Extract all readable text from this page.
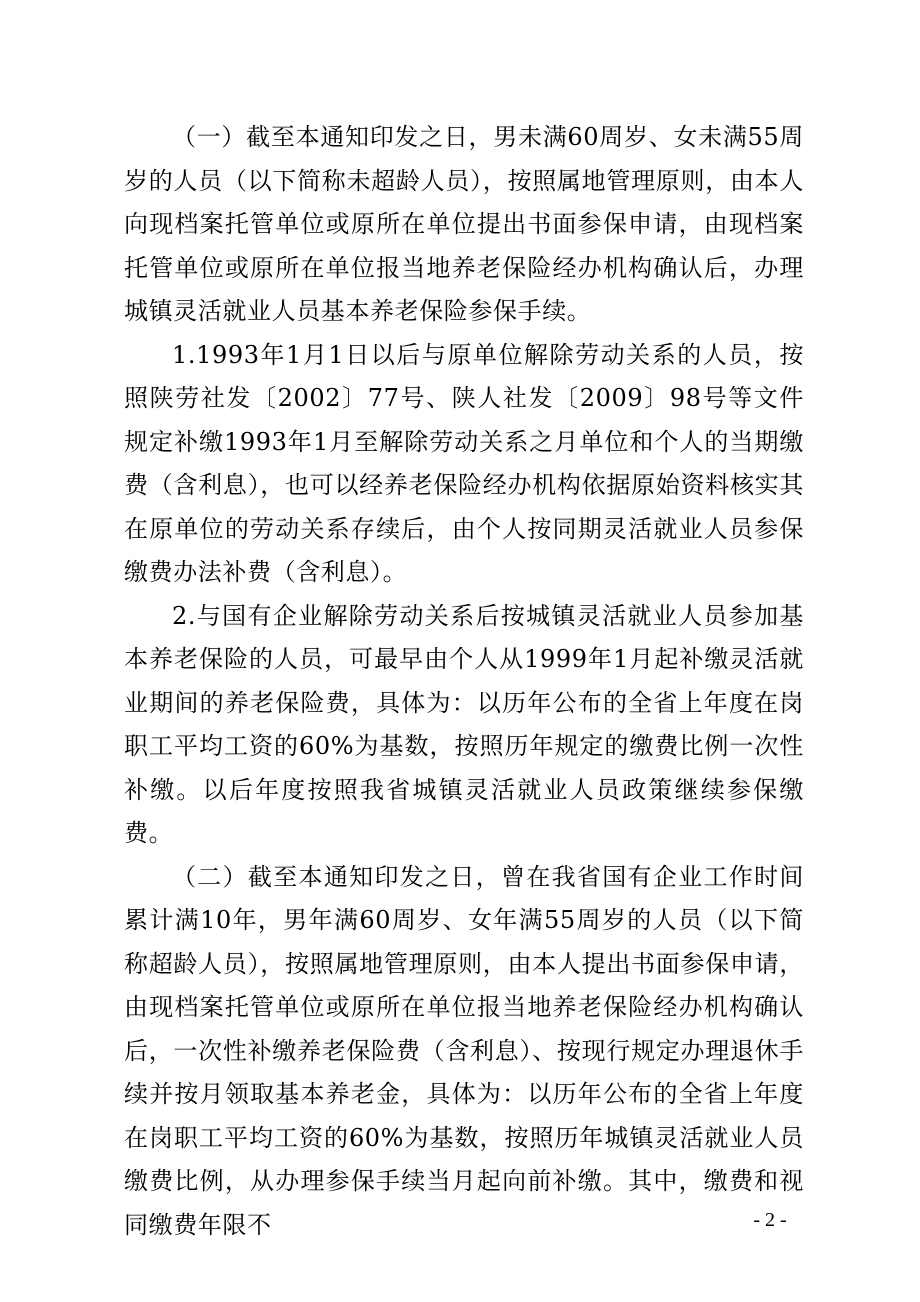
（一）截至本通知印发之日，男未满60周岁、女未满55周岁的人员（以下简称未超龄人员），按照属地管理原则，由本人向现档案托管单位或原所在单位提出书面参保申请，由现档案托管单位或原所在单位报当地养老保险经办机构确认后，办理城镇灵活就业人员基本养老保险参保手续。

1.1993年1月1日以后与原单位解除劳动关系的人员，按照陕劳社发〔2002〕77号、陕人社发〔2009〕98号等文件规定补缴1993年1月至解除劳动关系之月单位和个人的当期缴费（含利息），也可以经养老保险经办机构依据原始资料核实其在原单位的劳动关系存续后，由个人按同期灵活就业人员参保缴费办法补费（含利息）。

2.与国有企业解除劳动关系后按城镇灵活就业人员参加基本养老保险的人员，可最早由个人从1999年1月起补缴灵活就业期间的养老保险费，具体为：以历年公布的全省上年度在岗职工平均工资的60%为基数，按照历年规定的缴费比例一次性补缴。以后年度按照我省城镇灵活就业人员政策继续参保缴费。

（二）截至本通知印发之日，曾在我省国有企业工作时间累计满10年，男年满60周岁、女年满55周岁的人员（以下简称超龄人员），按照属地管理原则，由本人提出书面参保申请，由现档案托管单位或原所在单位报当地养老保险经办机构确认后，一次性补缴养老保险费（含利息）、按现行规定办理退休手续并按月领取基本养老金，具体为：以历年公布的全省上年度在岗职工平均工资的60%为基数，按照历年城镇灵活就业人员缴费比例，从办理参保手续当月起向前补缴。其中，缴费和视同缴费年限不	- 2 -
